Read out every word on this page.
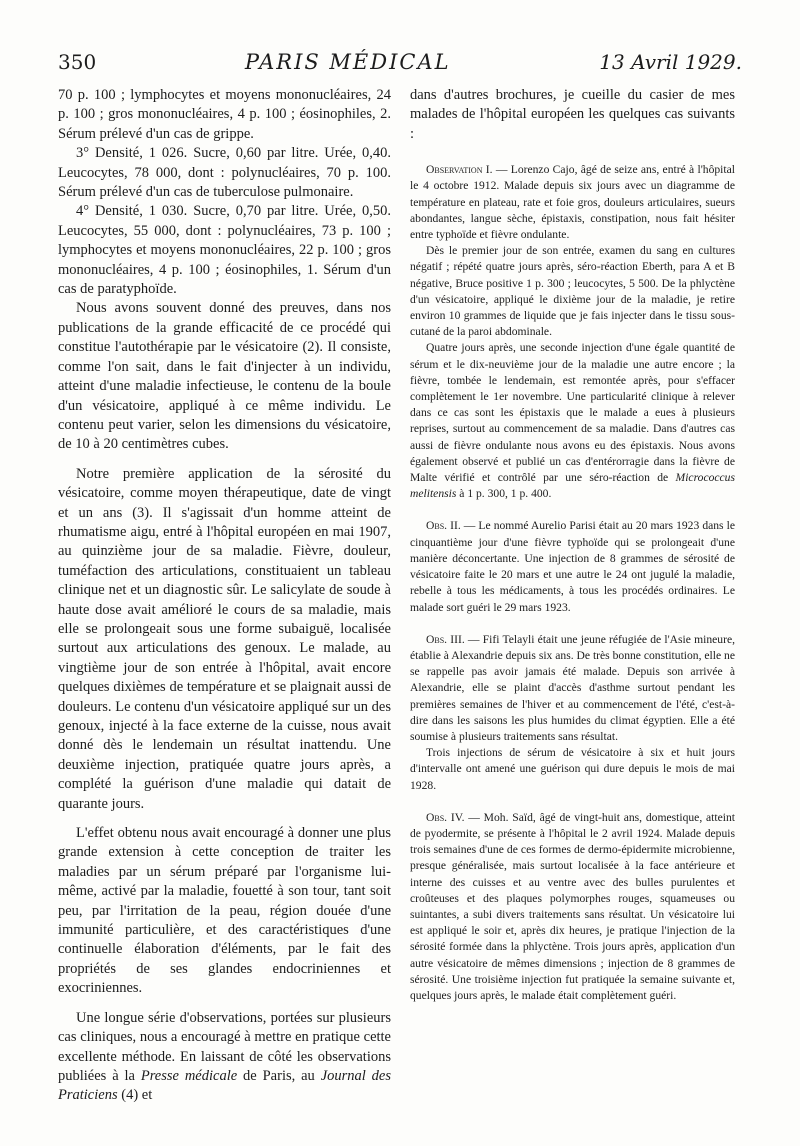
350	PARIS MÉDICAL	13 Avril 1929.

70 p. 100 ; lymphocytes et moyens mononucléaires, 24 p. 100 ; gros mononucléaires, 4 p. 100 ; éosinophiles, 2. Sérum prélevé d'un cas de grippe.

3° Densité, 1 026. Sucre, 0,60 par litre. Urée, 0,40. Leucocytes, 78 000, dont : polynucléaires, 70 p. 100. Sérum prélevé d'un cas de tuberculose pulmonaire.

4° Densité, 1 030. Sucre, 0,70 par litre. Urée, 0,50. Leucocytes, 55 000, dont : polynucléaires, 73 p. 100 ; lymphocytes et moyens mononucléaires, 22 p. 100 ; gros mononucléaires, 4 p. 100 ; éosinophiles, 1. Sérum d'un cas de paratyphoïde.

Nous avons souvent donné des preuves, dans nos publications de la grande efficacité de ce procédé qui constitue l'autothérapie par le vésicatoire (2). Il consiste, comme l'on sait, dans le fait d'injecter à un individu, atteint d'une maladie infectieuse, le contenu de la boule d'un vésicatoire, appliqué à ce même individu. Le contenu peut varier, selon les dimensions du vésicatoire, de 10 à 20 centimètres cubes.

Notre première application de la sérosité du vésicatoire, comme moyen thérapeutique, date de vingt et un ans (3). Il s'agissait d'un homme atteint de rhumatisme aigu, entré à l'hôpital européen en mai 1907, au quinzième jour de sa maladie. Fièvre, douleur, tuméfaction des articulations, constituaient un tableau clinique net et un diagnostic sûr. Le salicylate de soude à haute dose avait amélioré le cours de sa maladie, mais elle se prolongeait sous une forme subaiguë, localisée surtout aux articulations des genoux. Le malade, au vingtième jour de son entrée à l'hôpital, avait encore quelques dixièmes de température et se plaignait aussi de douleurs. Le contenu d'un vésicatoire appliqué sur un des genoux, injecté à la face externe de la cuisse, nous avait donné dès le lendemain un résultat inattendu. Une deuxième injection, pratiquée quatre jours après, a complété la guérison d'une maladie qui datait de quarante jours.

L'effet obtenu nous avait encouragé à donner une plus grande extension à cette conception de traiter les maladies par un sérum préparé par l'organisme lui-même, activé par la maladie, fouetté à son tour, tant soit peu, par l'irritation de la peau, région douée d'une immunité particulière, et des caractéristiques d'une continuelle élaboration d'éléments, par le fait des propriétés de ses glandes endocriniennes et exocriniennes.

Une longue série d'observations, portées sur plusieurs cas cliniques, nous a encouragé à mettre en pratique cette excellente méthode. En laissant de côté les observations publiées à la Presse médicale de Paris, au Journal des Praticiens (4) et

dans d'autres brochures, je cueille du casier de mes malades de l'hôpital européen les quelques cas suivants :

Observation I. — Lorenzo Cajo, âgé de seize ans, entré à l'hôpital le 4 octobre 1912. Malade depuis six jours avec un diagramme de température en plateau, rate et foie gros, douleurs articulaires, sueurs abondantes, langue sèche, épistaxis, constipation, nous fait hésiter entre typhoïde et fièvre ondulante.

Dès le premier jour de son entrée, examen du sang en cultures négatif ; répété quatre jours après, séro-réaction Eberth, para A et B négative, Bruce positive 1 p. 300 ; leucocytes, 5 500. De la phlyctène d'un vésicatoire, appliqué le dixième jour de la maladie, je retire environ 10 grammes de liquide que je fais injecter dans le tissu sous-cutané de la paroi abdominale.

Quatre jours après, une seconde injection d'une égale quantité de sérum et le dix-neuvième jour de la maladie une autre encore ; la fièvre, tombée le lendemain, est remontée après, pour s'effacer complètement le 1er novembre. Une particularité clinique à relever dans ce cas sont les épistaxis que le malade a eues à plusieurs reprises, surtout au commencement de sa maladie. Dans d'autres cas aussi de fièvre ondulante nous avons eu des épistaxis. Nous avons également observé et publié un cas d'entérorragie dans la fièvre de Malte vérifié et contrôlé par une séro-réaction de Micrococcus melitensis à 1 p. 300, 1 p. 400.

Obs. II. — Le nommé Aurelio Parisi était au 20 mars 1923 dans le cinquantième jour d'une fièvre typhoïde qui se prolongeait d'une manière déconcertante. Une injection de 8 grammes de sérosité de vésicatoire faite le 20 mars et une autre le 24 ont jugulé la maladie, rebelle à tous les médicaments, à tous les procédés ordinaires. Le malade sort guéri le 29 mars 1923.

Obs. III. — Fifi Telayli était une jeune réfugiée de l'Asie mineure, établie à Alexandrie depuis six ans. De très bonne constitution, elle ne se rappelle pas avoir jamais été malade. Depuis son arrivée à Alexandrie, elle se plaint d'accès d'asthme surtout pendant les premières semaines de l'hiver et au commencement de l'été, c'est-à-dire dans les saisons les plus humides du climat égyptien. Elle a été soumise à plusieurs traitements sans résultat.

Trois injections de sérum de vésicatoire à six et huit jours d'intervalle ont amené une guérison qui dure depuis le mois de mai 1928.

Obs. IV. — Moh. Saïd, âgé de vingt-huit ans, domestique, atteint de pyodermite, se présente à l'hôpital le 2 avril 1924. Malade depuis trois semaines d'une de ces formes de dermo-épidermite microbienne, presque généralisée, mais surtout localisée à la face antérieure et interne des cuisses et au ventre avec des bulles purulentes et croûteuses et des plaques polymorphes rouges, squameuses ou suintantes, a subi divers traitements sans résultat. Un vésicatoire lui est appliqué le soir et, après dix heures, je pratique l'injection de la sérosité formée dans la phlyctène. Trois jours après, application d'un autre vésicatoire de mêmes dimensions ; injection de 8 grammes de sérosité. Une troisième injection fut pratiquée la semaine suivante et, quelques jours après, le malade était complètement guéri.
